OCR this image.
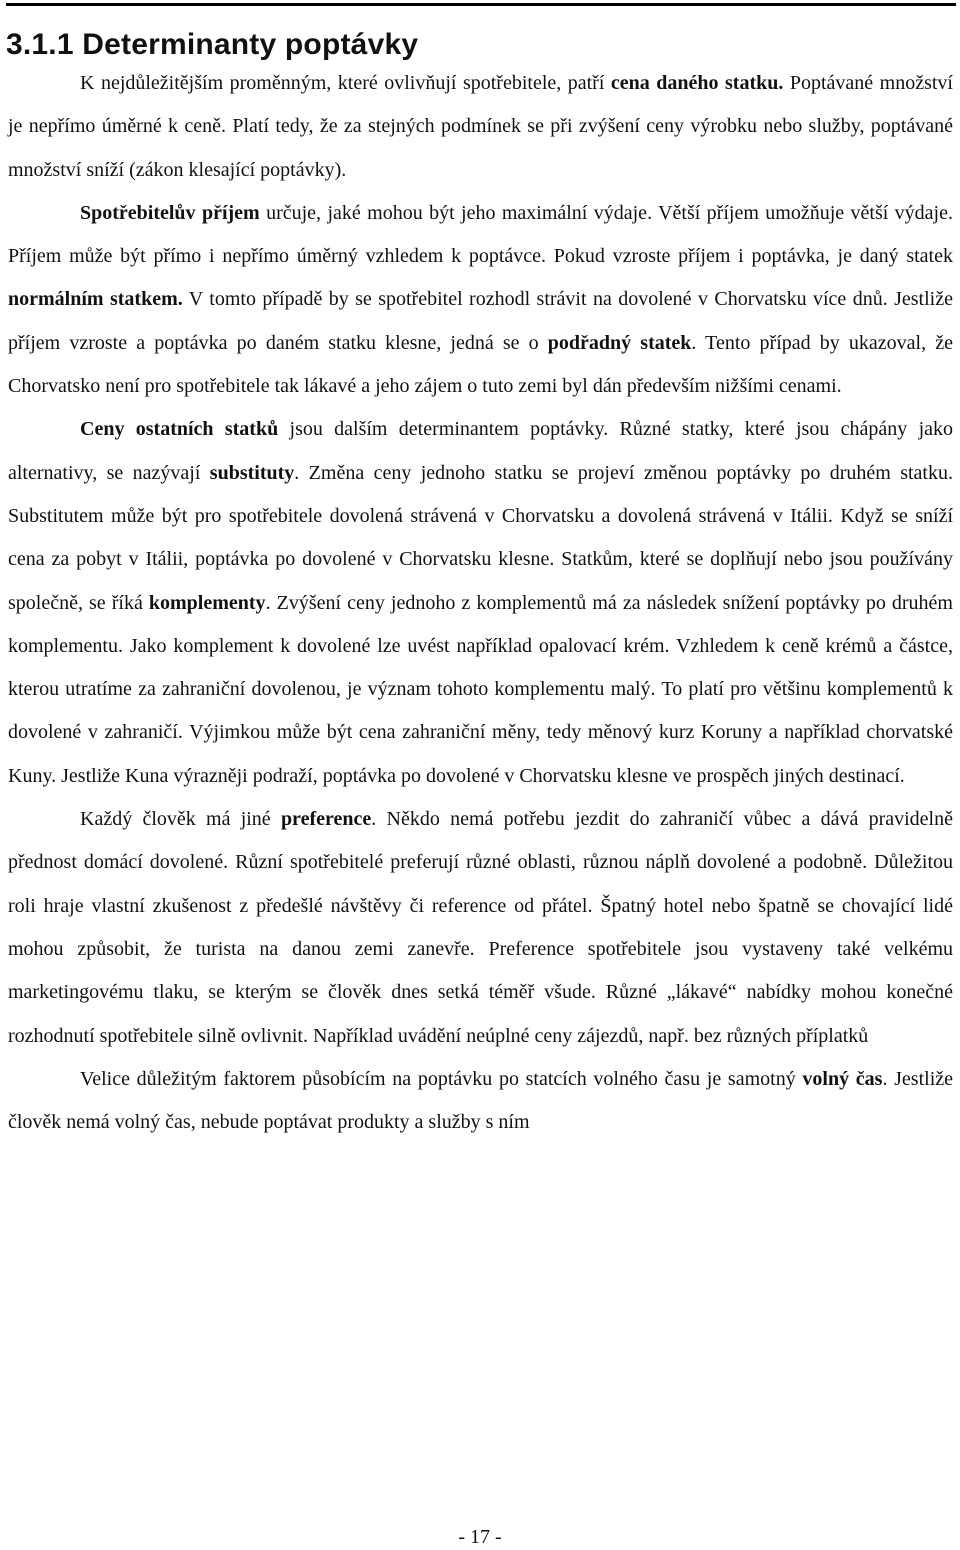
3.1.1 Determinanty poptávky

K nejdůležitějším proměnným, které ovlivňují spotřebitele, patří cena daného statku. Poptávané množství je nepřímo úměrné k ceně. Platí tedy, že za stejných podmínek se při zvýšení ceny výrobku nebo služby, poptávané množství sníží (zákon klesající poptávky).

Spotřebitelův příjem určuje, jaké mohou být jeho maximální výdaje. Větší příjem umožňuje větší výdaje. Příjem může být přímo i nepřímo úměrný vzhledem k poptávce. Pokud vzroste příjem i poptávka, je daný statek normálním statkem. V tomto případě by se spotřebitel rozhodl strávit na dovolené v Chorvatsku více dnů. Jestliže příjem vzroste a poptávka po daném statku klesne, jedná se o podřadný statek. Tento případ by ukazoval, že Chorvatsko není pro spotřebitele tak lákavé a jeho zájem o tuto zemi byl dán především nižšími cenami.

Ceny ostatních statků jsou dalším determinantem poptávky. Různé statky, které jsou chápány jako alternativy, se nazývají substituty. Změna ceny jednoho statku se projeví změnou poptávky po druhém statku. Substitutem může být pro spotřebitele dovolená strávená v Chorvatsku a dovolená strávená v Itálii. Když se sníží cena za pobyt v Itálii, poptávka po dovolené v Chorvatsku klesne. Statkům, které se doplňují nebo jsou používány společně, se říká komplementy. Zvýšení ceny jednoho z komplementů má za následek snížení poptávky po druhém komplementu. Jako komplement k dovolené lze uvést například opalovací krém. Vzhledem k ceně krémů a částce, kterou utratíme za zahraniční dovolenou, je význam tohoto komplementu malý. To platí pro většinu komplementů k dovolené v zahraničí. Výjimkou může být cena zahraniční měny, tedy měnový kurz Koruny a například chorvatské Kuny. Jestliže Kuna výrazněji podraží, poptávka po dovolené v Chorvatsku klesne ve prospěch jiných destinací.

Každý člověk má jiné preference. Někdo nemá potřebu jezdit do zahraničí vůbec a dává pravidelně přednost domácí dovolené. Různí spotřebitelé preferují různé oblasti, různou náplň dovolené a podobně. Důležitou roli hraje vlastní zkušenost z předešlé návštěvy či reference od přátel. Špatný hotel nebo špatně se chovající lidé mohou způsobit, že turista na danou zemi zanevře. Preference spotřebitele jsou vystaveny také velkému marketingovému tlaku, se kterým se člověk dnes setká téměř všude. Různé „lákavé“ nabídky mohou konečné rozhodnutí spotřebitele silně ovlivnit. Například uvádění neúplné ceny zájezdů, např. bez různých příplatků

Velice důležitým faktorem působícím na poptávku po statcích volného času je samotný volný čas. Jestliže člověk nemá volný čas, nebude poptávat produkty a služby s ním

- 17 -
